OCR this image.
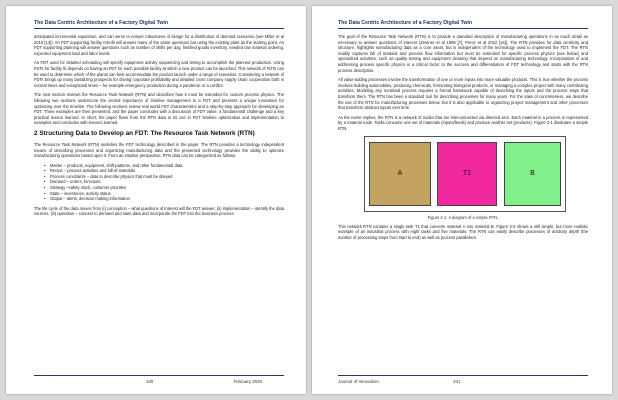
The Data Centric Architecture of a Factory Digital Twin

anticipated incremental expansion, and can serve to ensure robustness of design for a distribution of demand scenarios (see Miller et al 2010 [13]). An FDT supporting facility retrofit will answer many of the same questions but using the existing plant as the starting point. An FDT supporting planning will answer questions such as number of shifts per day, finished goods inventory, needed raw material ordering, expected equipment load and labor levels.

An FDT used for detailed scheduling will specify equipment activity sequencing and timing to accomplish the planned production. Using FDTs for facility fit depends on having an FDT for each possible facility at which a new product can be launched. This network of FDTs can be used to determine which of the plants can best accommodate the product launch under a range of scenarios. Considering a network of FDTs brings up many tantalizing prospects for driving corporate profitability and detailed cross company supply chain cooperation both in normal times and exceptional times – for example emergency production during a pandemic or a conflict.

The next section reviews the Resource Task Network (RTN) and describes how it must be extended for custom process physics. The following two sections underscore the central importance of timeline management to a FDT and presents a unique innovation for optimizing over the timeline. The following sections review real world FDT characteristics and a step-by-step approach for developing an FDT. Three examples are then presented, and the paper concludes with a discussion of FDT value, a fundamental challenge and a key practical lesson learned. In short, the paper flows from the RTN data to its use in FDT timeline optimization and implementation to examples and concludes with lessons learned.

2 Structuring Data to Develop an FDT: The Resource Task Network (RTN)

The Resource Task Network (RTN) underlies the FDT technology described in the paper. The RTN provides a technology independent means of describing processes and organizing manufacturing data and the presented technology provides the ability to optimize manufacturing operations based upon it. From an intuitive perspective, RTN data can be categorized as follows:

• Master – products, equipment, shift-patterns, and other fundamental data
• Recipe – process activities and bill-of-materials
• Process constraints – data to describe physics that must be obeyed
• Demand – orders, forecasts
• Strategy –safety stock, customer priorities
• State – inventories, activity status
• Output – alerts, decision making information

The life cycle of the data moves from (i) conception – what questions of interest will the FDT answer, (ii) implementation – identify the data sources, (iii) operation – connect to demand and state data and incorporate the FDT into the business process.

100	February 2025
The Data Centric Architecture of a Factory Digital Twin

The goal of the Resource Task Network (RTN) is to provide a standard description of manufacturing operations in as much detail as necessary to answer questions of interest (Zentner et al 1998 [7], Perez et al 2022 [16]). The RTN provides for data centricity and structure, highlights manufacturing data as a core asset, but is independent of the technology used to implement the FDT. The RTN readily captures bill of material and process flow information but must be extended for specific process physics (see below) and specialized activities, such as quality testing and equipment cleaning that depend on manufacturing technology. Incorporation of and addressing process specific physics is a critical factor to the success and differentiation of FDT technology and starts with the RTN process description.

All value-adding processes involve the transformation of one or more inputs into more valuable products. This is true whether the process involves building automobiles, producing chemicals, fermenting biological products, or managing a complex project with many contributing activities. Modeling any nontrivial process requires a formal framework capable of describing the inputs and the process steps that transform them. The RTN has been a standard tool for describing processes for many years. For the sake of concreteness, we describe the use of the RTN for manufacturing processes below, but it is also applicable to organizing project management and other processes that transform abstract inputs over time.

As the name implies, the RTN is a network of nodes that are interconnected via directed arcs. Each material in a process is represented by a material node. Tasks consume one set of materials (inputs/feeds) and produce another set (products). Figure 2-1 illustrates a simple RTN.

A	T1	B
Figure 2-1: A diagram of a simple RTN.

This network RTN contains a single task T1 that converts material A into material B. Figure 2-2 shows a still simple, but more realistic example of an industrial process with eight tasks and five materials. The RTN can easily describe processes of arbitrary depth (the number of processing steps from start to end) as well as process parallelism.

Journal of Innovation	101
